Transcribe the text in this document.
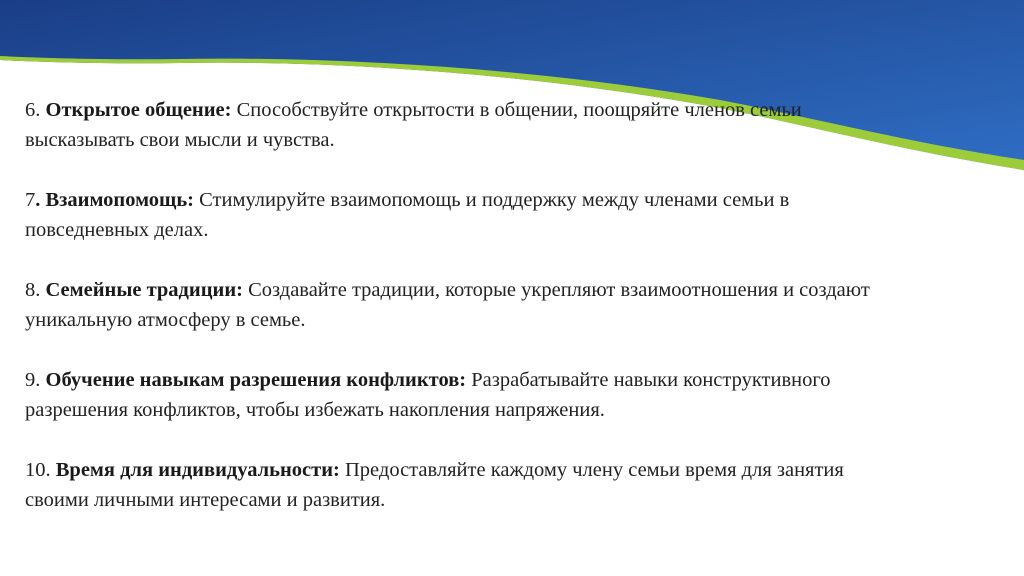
6. Открытое общение: Способствуйте открытости в общении, поощряйте членов семьи высказывать свои мысли и чувства.

7. Взаимопомощь: Стимулируйте взаимопомощь и поддержку между членами семьи в повседневных делах.

8. Семейные традиции: Создавайте традиции, которые укрепляют взаимоотношения и создают уникальную атмосферу в семье.

9. Обучение навыкам разрешения конфликтов: Разрабатывайте навыки конструктивного разрешения конфликтов, чтобы избежать накопления напряжения.

10. Время для индивидуальности: Предоставляйте каждому члену семьи время для занятия своими личными интересами и развития.
